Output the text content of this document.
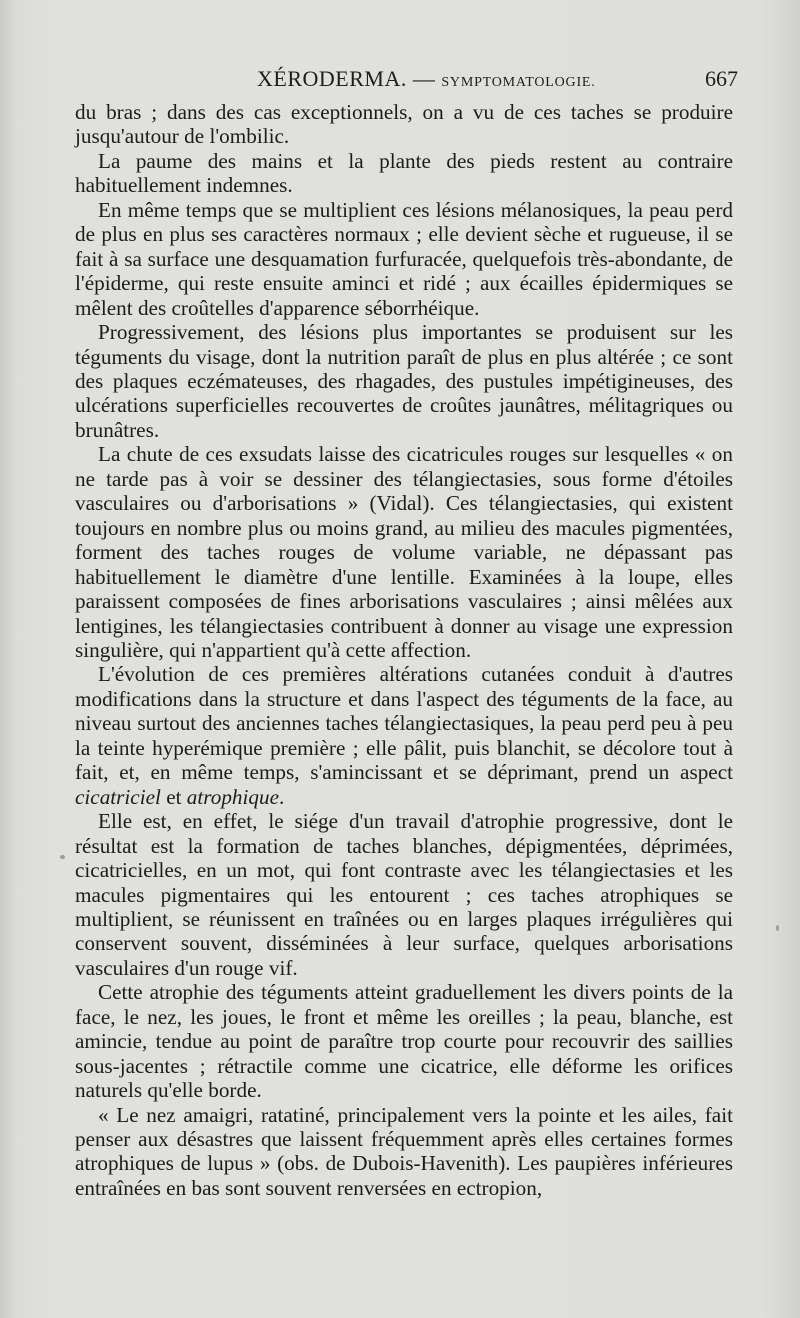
XÉRODERMA. — SYMPTOMATOLOGIE.	667

du bras ; dans des cas exceptionnels, on a vu de ces taches se produire jusqu'autour de l'ombilic.

La paume des mains et la plante des pieds restent au contraire habituellement indemnes.

En même temps que se multiplient ces lésions mélanosiques, la peau perd de plus en plus ses caractères normaux ; elle devient sèche et rugueuse, il se fait à sa surface une desquamation furfuracée, quelquefois très-abondante, de l'épiderme, qui reste ensuite aminci et ridé ; aux écailles épidermiques se mêlent des croûtelles d'apparence séborrhéique.

Progressivement, des lésions plus importantes se produisent sur les téguments du visage, dont la nutrition paraît de plus en plus altérée ; ce sont des plaques eczémateuses, des rhagades, des pustules impétigineuses, des ulcérations superficielles recouvertes de croûtes jaunâtres, mélitagriques ou brunâtres.

La chute de ces exsudats laisse des cicatricules rouges sur lesquelles « on ne tarde pas à voir se dessiner des télangiectasies, sous forme d'étoiles vasculaires ou d'arborisations » (Vidal). Ces télangiectasies, qui existent toujours en nombre plus ou moins grand, au milieu des macules pigmentées, forment des taches rouges de volume variable, ne dépassant pas habituellement le diamètre d'une lentille. Examinées à la loupe, elles paraissent composées de fines arborisations vasculaires ; ainsi mêlées aux lentigines, les télangiectasies contribuent à donner au visage une expression singulière, qui n'appartient qu'à cette affection.

L'évolution de ces premières altérations cutanées conduit à d'autres modifications dans la structure et dans l'aspect des téguments de la face, au niveau surtout des anciennes taches télangiectasiques, la peau perd peu à peu la teinte hyperémique première ; elle pâlit, puis blanchit, se décolore tout à fait, et, en même temps, s'amincissant et se déprimant, prend un aspect cicatriciel et atrophique.

Elle est, en effet, le siége d'un travail d'atrophie progressive, dont le résultat est la formation de taches blanches, dépigmentées, déprimées, cicatricielles, en un mot, qui font contraste avec les télangiectasies et les macules pigmentaires qui les entourent ; ces taches atrophiques se multiplient, se réunissent en traînées ou en larges plaques irrégulières qui conservent souvent, disséminées à leur surface, quelques arborisations vasculaires d'un rouge vif.

Cette atrophie des téguments atteint graduellement les divers points de la face, le nez, les joues, le front et même les oreilles ; la peau, blanche, est amincie, tendue au point de paraître trop courte pour recouvrir des saillies sous-jacentes ; rétractile comme une cicatrice, elle déforme les orifices naturels qu'elle borde.

« Le nez amaigri, ratatiné, principalement vers la pointe et les ailes, fait penser aux désastres que laissent fréquemment après elles certaines formes atrophiques de lupus » (obs. de Dubois-Havenith). Les paupières inférieures entraînées en bas sont souvent renversées en ectropion,
